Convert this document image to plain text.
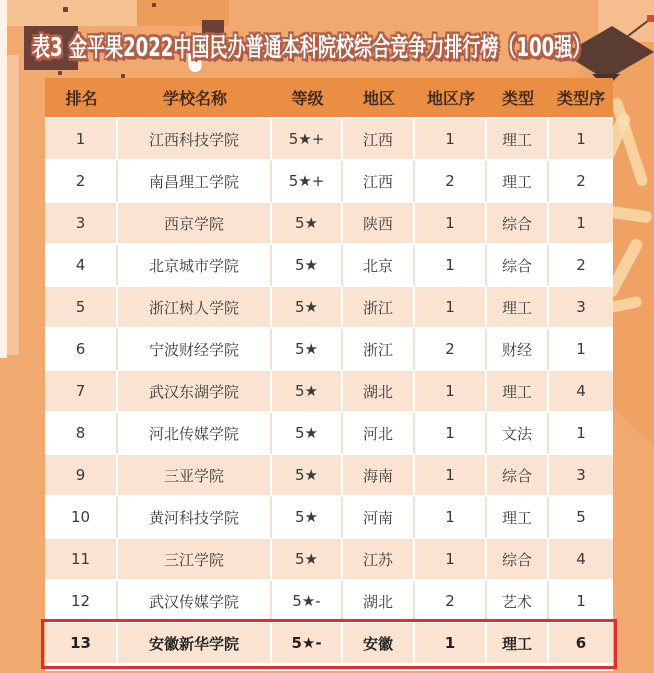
表3 金平果2022中国民办普通本科院校综合竞争力排行榜（100强）
排名	学校名称	等级	地区	地区序	类型	类型序
1	江西科技学院	5★+	江西	1	理工	1
2	南昌理工学院	5★+	江西	2	理工	2
3	西京学院	5★	陕西	1	综合	1
4	北京城市学院	5★	北京	1	综合	2
5	浙江树人学院	5★	浙江	1	理工	3
6	宁波财经学院	5★	浙江	2	财经	1
7	武汉东湖学院	5★	湖北	1	理工	4
8	河北传媒学院	5★	河北	1	文法	1
9	三亚学院	5★	海南	1	综合	3
10	黄河科技学院	5★	河南	1	理工	5
11	三江学院	5★	江苏	1	综合	4
12	武汉传媒学院	5★-	湖北	2	艺术	1
13	安徽新华学院	5★-	安徽	1	理工	6
